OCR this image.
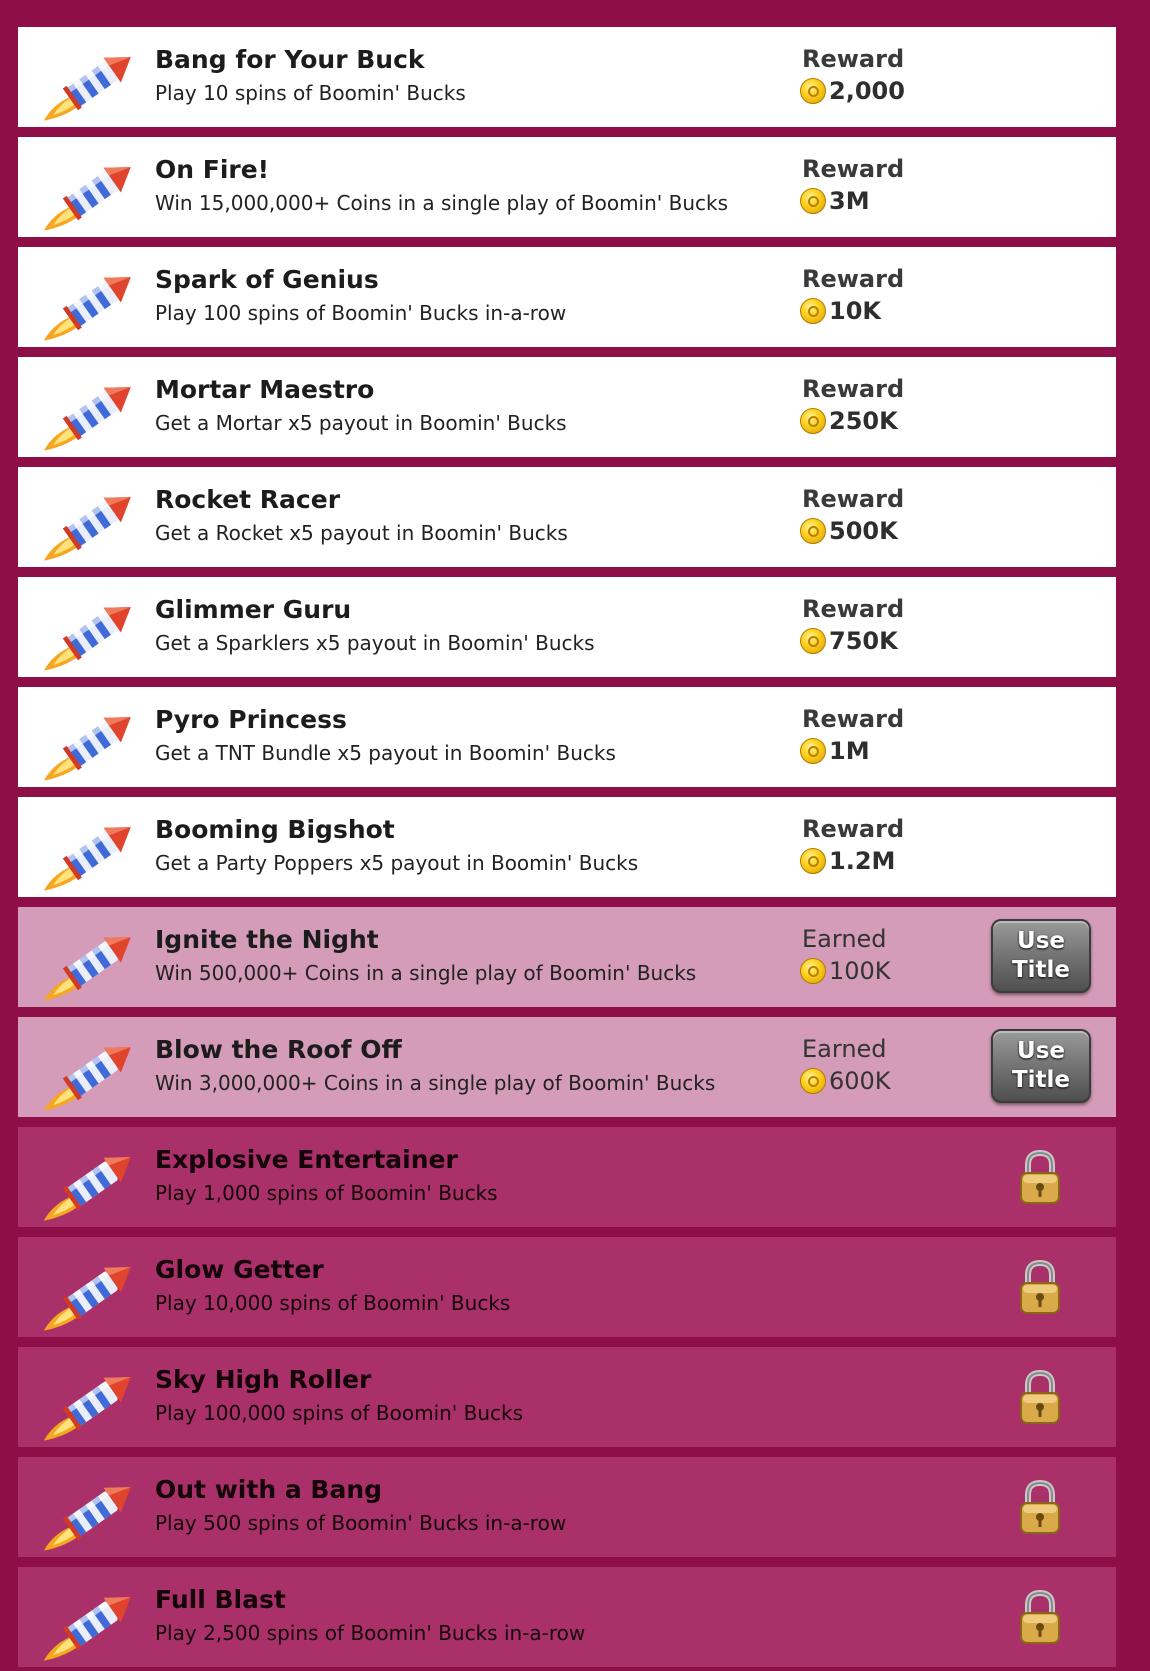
Bang for Your Buck
Play 10 spins of Boomin' Bucks
Reward
2,000
On Fire!
Win 15,000,000+ Coins in a single play of Boomin' Bucks
Reward
3M
Spark of Genius
Play 100 spins of Boomin' Bucks in-a-row
Reward
10K
Mortar Maestro
Get a Mortar x5 payout in Boomin' Bucks
Reward
250K
Rocket Racer
Get a Rocket x5 payout in Boomin' Bucks
Reward
500K
Glimmer Guru
Get a Sparklers x5 payout in Boomin' Bucks
Reward
750K
Pyro Princess
Get a TNT Bundle x5 payout in Boomin' Bucks
Reward
1M
Booming Bigshot
Get a Party Poppers x5 payout in Boomin' Bucks
Reward
1.2M
Ignite the Night
Win 500,000+ Coins in a single play of Boomin' Bucks
Earned
100K
Use
Title
Blow the Roof Off
Win 3,000,000+ Coins in a single play of Boomin' Bucks
Earned
600K
Use
Title
Explosive Entertainer
Play 1,000 spins of Boomin' Bucks
Glow Getter
Play 10,000 spins of Boomin' Bucks
Sky High Roller
Play 100,000 spins of Boomin' Bucks
Out with a Bang
Play 500 spins of Boomin' Bucks in-a-row
Full Blast
Play 2,500 spins of Boomin' Bucks in-a-row
